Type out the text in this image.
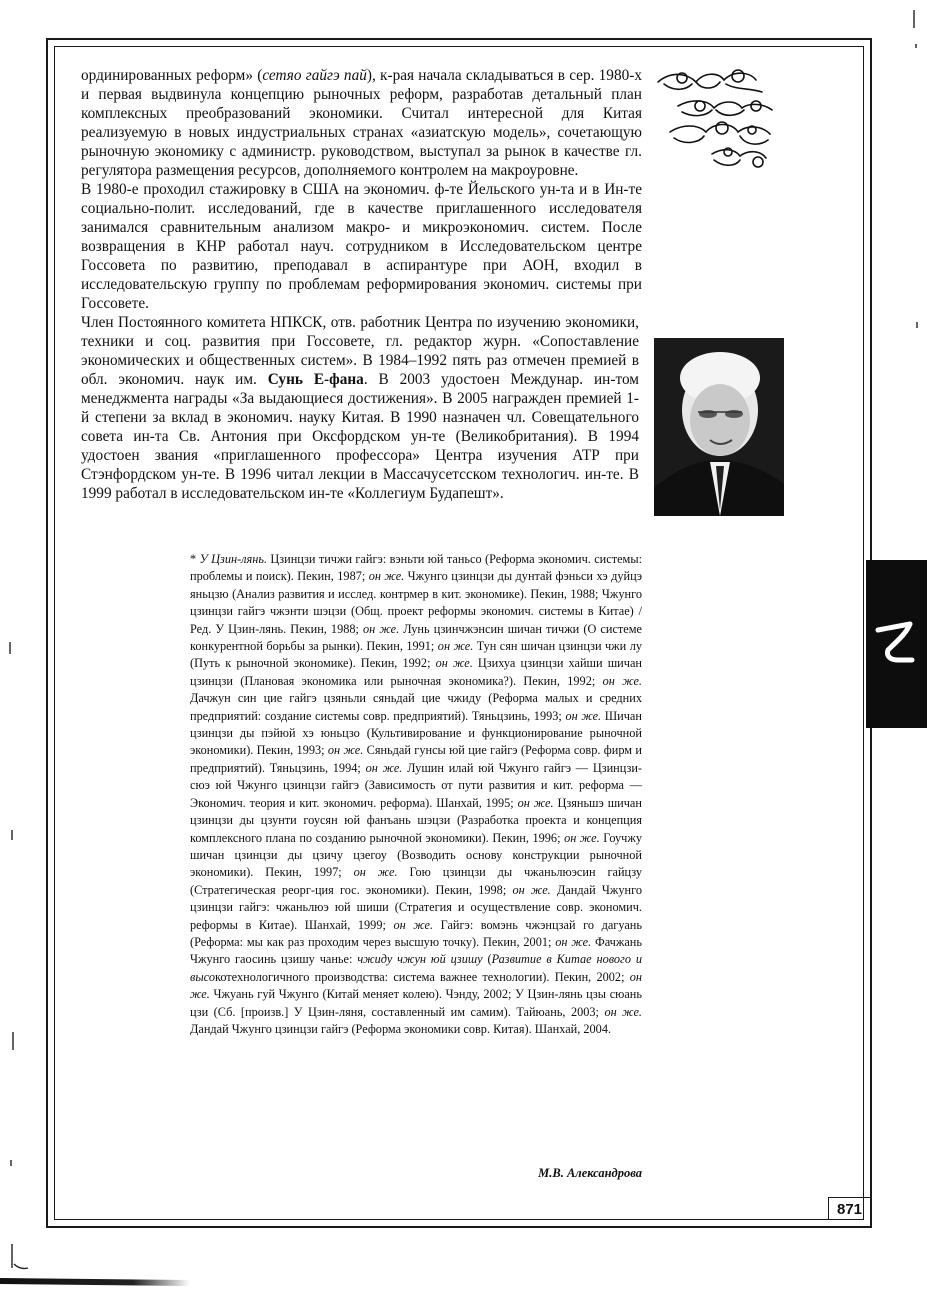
ординированных реформ» (сетяо гайгэ пай), к-рая начала складываться в сер. 1980-х и первая выдвинула концепцию рыночных реформ, разработав детальный план комплексных преобразований экономики. Считал интересной для Китая реализуемую в новых индустриальных странах «азиатскую модель», сочетающую рыночную экономику с администр. руководством, выступал за рынок в качестве гл. регулятора размещения ресурсов, дополняемого контролем на макроуровне.

В 1980-е проходил стажировку в США на экономич. ф-те Йельского ун-та и в Ин-те социально-полит. исследований, где в качестве приглашенного исследователя занимался сравнительным анализом макро- и микроэкономич. систем. После возвращения в КНР работал науч. сотрудником в Исследовательском центре Госсовета по развитию, преподавал в аспирантуре при АОН, входил в исследовательскую группу по проблемам реформирования экономич. системы при Госсовете.

Член Постоянного комитета НПКСК, отв. работник Центра по изучению экономики, техники и соц. развития при Госсовете, гл. редактор журн. «Сопоставление экономических и общественных систем». В 1984–1992 пять раз отмечен премией в обл. экономич. наук им. Сунь Е-фана. В 2003 удостоен Междунар. ин-том менеджмента награды «За выдающиеся достижения». В 2005 награжден премией 1-й степени за вклад в экономич. науку Китая. В 1990 назначен чл. Совещательного совета ин-та Св. Антония при Оксфордском ун-те (Великобритания). В 1994 удостоен звания «приглашенного профессора» Центра изучения АТР при Стэнфордском ун-те. В 1996 читал лекции в Массачусетсском технологич. ин-те. В 1999 работал в исследовательском ин-те «Коллегиум Будапешт».

* У Цзин-лянь. Цзинцзи тичжи гайгэ: вэньти юй таньсо (Реформа экономич. системы: проблемы и поиск). Пекин, 1987; он же. Чжунго цзинцзи ды дунтай фэньси хэ дуйцэ яньцзю (Анализ развития и исслед. контрмер в кит. экономике). Пекин, 1988; Чжунго цзинцзи гайгэ чжэнти шэцзи (Общ. проект реформы экономич. системы в Китае) / Ред. У Цзин-лянь. Пекин, 1988; он же. Лунь цзинчжэнсин шичан тичжи (О системе конкурентной борьбы за рынки). Пекин, 1991; он же. Тун сян шичан цзинцзи чжи лу (Путь к рыночной экономике). Пекин, 1992; он же. Цзихуа цзинцзи хайши шичан цзинцзи (Плановая экономика или рыночная экономика?). Пекин, 1992; он же. Дачжун син цие гайгэ цзяньли сяньдай цие чжиду (Реформа малых и средних предприятий: создание системы совр. предприятий). Тяньцзинь, 1993; он же. Шичан цзинцзи ды пэйюй хэ юньцзо (Культивирование и функционирование рыночной экономики). Пекин, 1993; он же. Сяньдай гунсы юй цие гайгэ (Реформа совр. фирм и предприятий). Тяньцзинь, 1994; он же. Лушин илай юй Чжунго гайгэ — Цзинцзи-сюэ юй Чжунго цзинцзи гайгэ (Зависимость от пути развития и кит. реформа — Экономич. теория и кит. экономич. реформа). Шанхай, 1995; он же. Цзяньшэ шичан цзинцзи ды цзунти гоусян юй фанъань шэцзи (Разработка проекта и концепция комплексного плана по созданию рыночной экономики). Пекин, 1996; он же. Гоучжу шичан цзинцзи ды цзичу цзегоу (Возводить основу конструкции рыночной экономики). Пекин, 1997; он же. Гою цзинцзи ды чжаньлюэсин гайцзу (Стратегическая реорг-ция гос. экономики). Пекин, 1998; он же. Дандай Чжунго цзинцзи гайгэ: чжаньлюэ юй шиши (Стратегия и осуществление совр. экономич. реформы в Китае). Шанхай, 1999; он же. Гайгэ: вомэнь чжэнцзай го дагуань (Реформа: мы как раз проходим через высшую точку). Пекин, 2001; он же. Фачжань Чжунго гаосинь цзишу чанье: чжиду чжун юй цзишу (Развитие в Китае нового и высокотехнологичного производства: система важнее технологии). Пекин, 2002; он же. Чжуань гуй Чжунго (Китай меняет колею). Чэнду, 2002; У Цзин-лянь цзы сюань цзи (Сб. [произв.] У Цзин-ляня, составленный им самим). Тайюань, 2003; он же. Дандай Чжунго цзинцзи гайгэ (Реформа экономики совр. Китая). Шанхай, 2004.
М.В. Александрова
871
